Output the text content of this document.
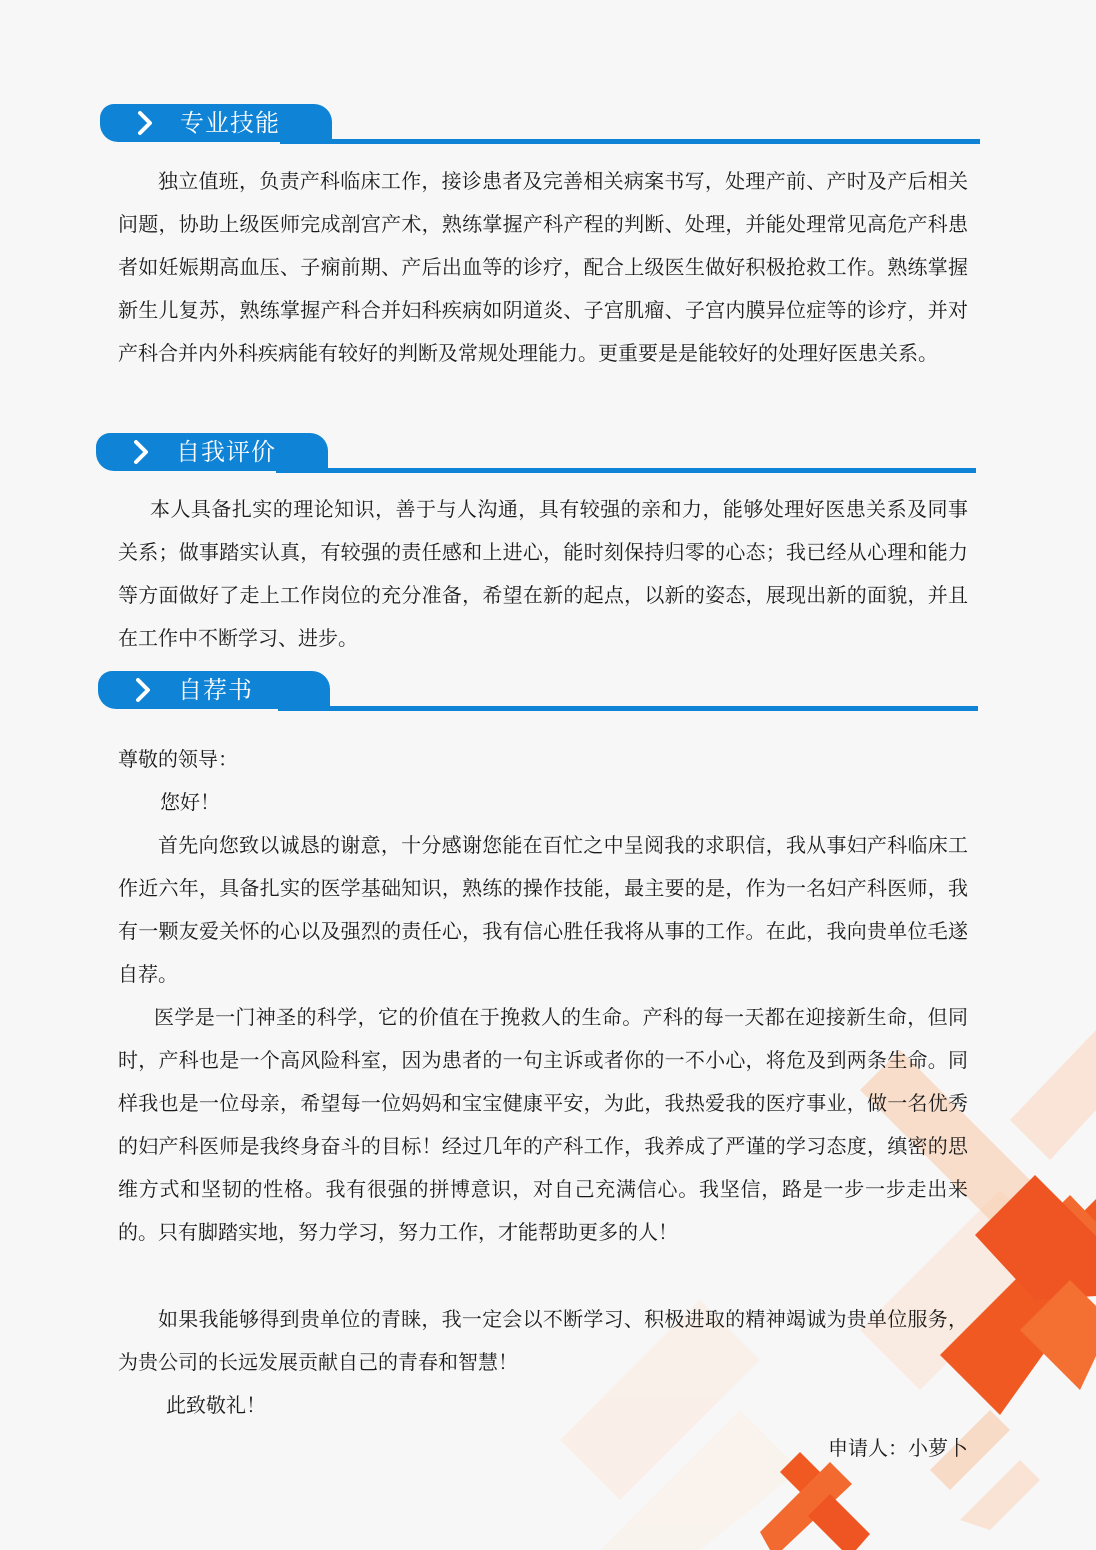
专业技能

独立值班，负责产科临床工作，接诊患者及完善相关病案书写，处理产前、产时及产后相关问题，协助上级医师完成剖宫产术，熟练掌握产科产程的判断、处理，并能处理常见高危产科患者如妊娠期高血压、子痫前期、产后出血等的诊疗，配合上级医生做好积极抢救工作。熟练掌握新生儿复苏，熟练掌握产科合并妇科疾病如阴道炎、子宫肌瘤、子宫内膜异位症等的诊疗，并对产科合并内外科疾病能有较好的判断及常规处理能力。更重要是是能较好的处理好医患关系。

自我评价

本人具备扎实的理论知识，善于与人沟通，具有较强的亲和力，能够处理好医患关系及同事关系；做事踏实认真，有较强的责任感和上进心，能时刻保持归零的心态；我已经从心理和能力等方面做好了走上工作岗位的充分准备，希望在新的起点，以新的姿态，展现出新的面貌，并且在工作中不断学习、进步。

自荐书

尊敬的领导：

您好！

首先向您致以诚恳的谢意，十分感谢您能在百忙之中呈阅我的求职信，我从事妇产科临床工作近六年，具备扎实的医学基础知识，熟练的操作技能，最主要的是，作为一名妇产科医师，我有一颗友爱关怀的心以及强烈的责任心，我有信心胜任我将从事的工作。在此，我向贵单位毛遂自荐。

医学是一门神圣的科学，它的价值在于挽救人的生命。产科的每一天都在迎接新生命，但同时，产科也是一个高风险科室，因为患者的一句主诉或者你的一不小心，将危及到两条生命。同样我也是一位母亲，希望每一位妈妈和宝宝健康平安，为此，我热爱我的医疗事业，做一名优秀的妇产科医师是我终身奋斗的目标！经过几年的产科工作，我养成了严谨的学习态度，缜密的思维方式和坚韧的性格。我有很强的拼博意识，对自己充满信心。我坚信，路是一步一步走出来的。只有脚踏实地，努力学习，努力工作，才能帮助更多的人！

如果我能够得到贵单位的青睐，我一定会以不断学习、积极进取的精神竭诚为贵单位服务，为贵公司的长远发展贡献自己的青春和智慧！

此致敬礼！

申请人：小萝卜
